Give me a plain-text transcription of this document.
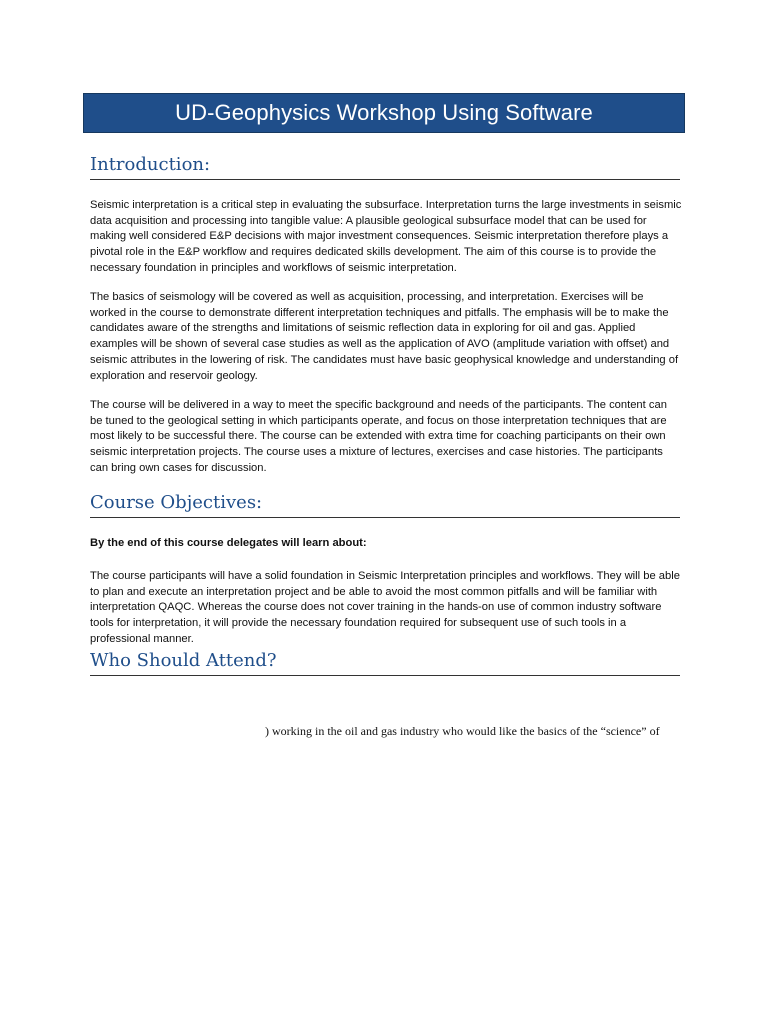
UD-Geophysics Workshop Using Software
Introduction:

Seismic interpretation is a critical step in evaluating the subsurface. Interpretation turns the large investments in seismic data acquisition and processing into tangible value: A plausible geological subsurface model that can be used for making well considered E&P decisions with major investment consequences. Seismic interpretation therefore plays a pivotal role in the E&P workflow and requires dedicated skills development. The aim of this course is to provide the necessary foundation in principles and workflows of seismic interpretation.

The basics of seismology will be covered as well as acquisition, processing, and interpretation. Exercises will be worked in the course to demonstrate different interpretation techniques and pitfalls. The emphasis will be to make the candidates aware of the strengths and limitations of seismic reflection data in exploring for oil and gas. Applied examples will be shown of several case studies as well as the application of AVO (amplitude variation with offset) and seismic attributes in the lowering of risk. The candidates must have basic geophysical knowledge and understanding of exploration and reservoir geology.

The course will be delivered in a way to meet the specific background and needs of the participants. The content can be tuned to the geological setting in which participants operate, and focus on those interpretation techniques that are most likely to be successful there. The course can be extended with extra time for coaching participants on their own seismic interpretation projects. The course uses a mixture of lectures, exercises and case histories. The participants can bring own cases for discussion.

Course Objectives:

By the end of this course delegates will learn about:

The course participants will have a solid foundation in Seismic Interpretation principles and workflows. They will be able to plan and execute an interpretation project and be able to avoid the most common pitfalls and will be familiar with interpretation QAQC. Whereas the course does not cover training in the hands-on use of common industry software tools for interpretation, it will provide the necessary foundation required for subsequent use of such tools in a professional manner.

Who Should Attend?
) working in the oil and gas industry who would like the basics of the “science” of
